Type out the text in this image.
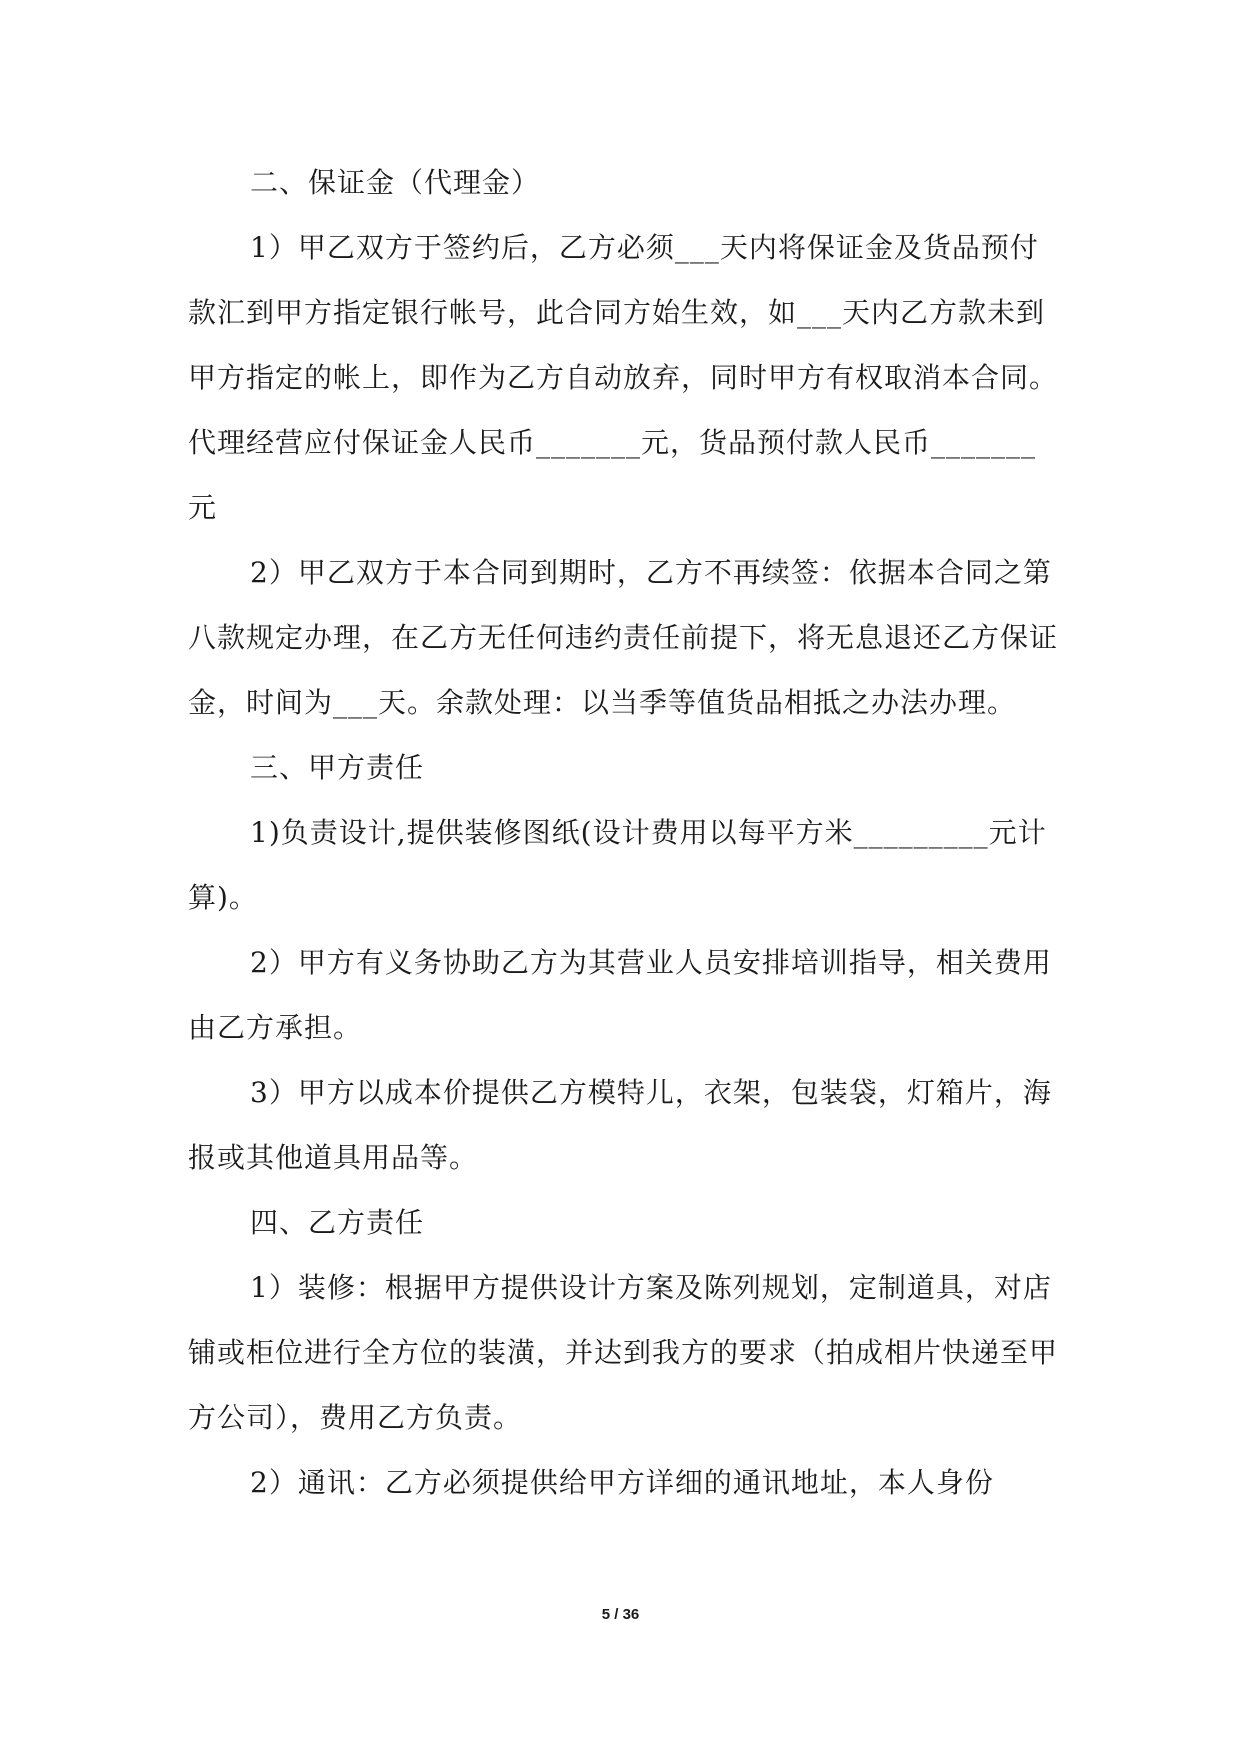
二、保证金（代理金）

1）甲乙双方于签约后，乙方必须___天内将保证金及货品预付款汇到甲方指定银行帐号，此合同方始生效，如___天内乙方款未到甲方指定的帐上，即作为乙方自动放弃，同时甲方有权取消本合同。代理经营应付保证金人民币_______元，货品预付款人民币_______元

2）甲乙双方于本合同到期时，乙方不再续签：依据本合同之第八款规定办理，在乙方无任何违约责任前提下，将无息退还乙方保证金，时间为___天。余款处理：以当季等值货品相抵之办法办理。

三、甲方责任

1)负责设计,提供装修图纸(设计费用以每平方米_________元计算)。

2）甲方有义务协助乙方为其营业人员安排培训指导，相关费用由乙方承担。

3）甲方以成本价提供乙方模特儿，衣架，包装袋，灯箱片，海报或其他道具用品等。

四、乙方责任

1）装修：根据甲方提供设计方案及陈列规划，定制道具，对店铺或柜位进行全方位的装潢，并达到我方的要求（拍成相片快递至甲方公司），费用乙方负责。

2）通讯：乙方必须提供给甲方详细的通讯地址，本人身份

5 / 36
